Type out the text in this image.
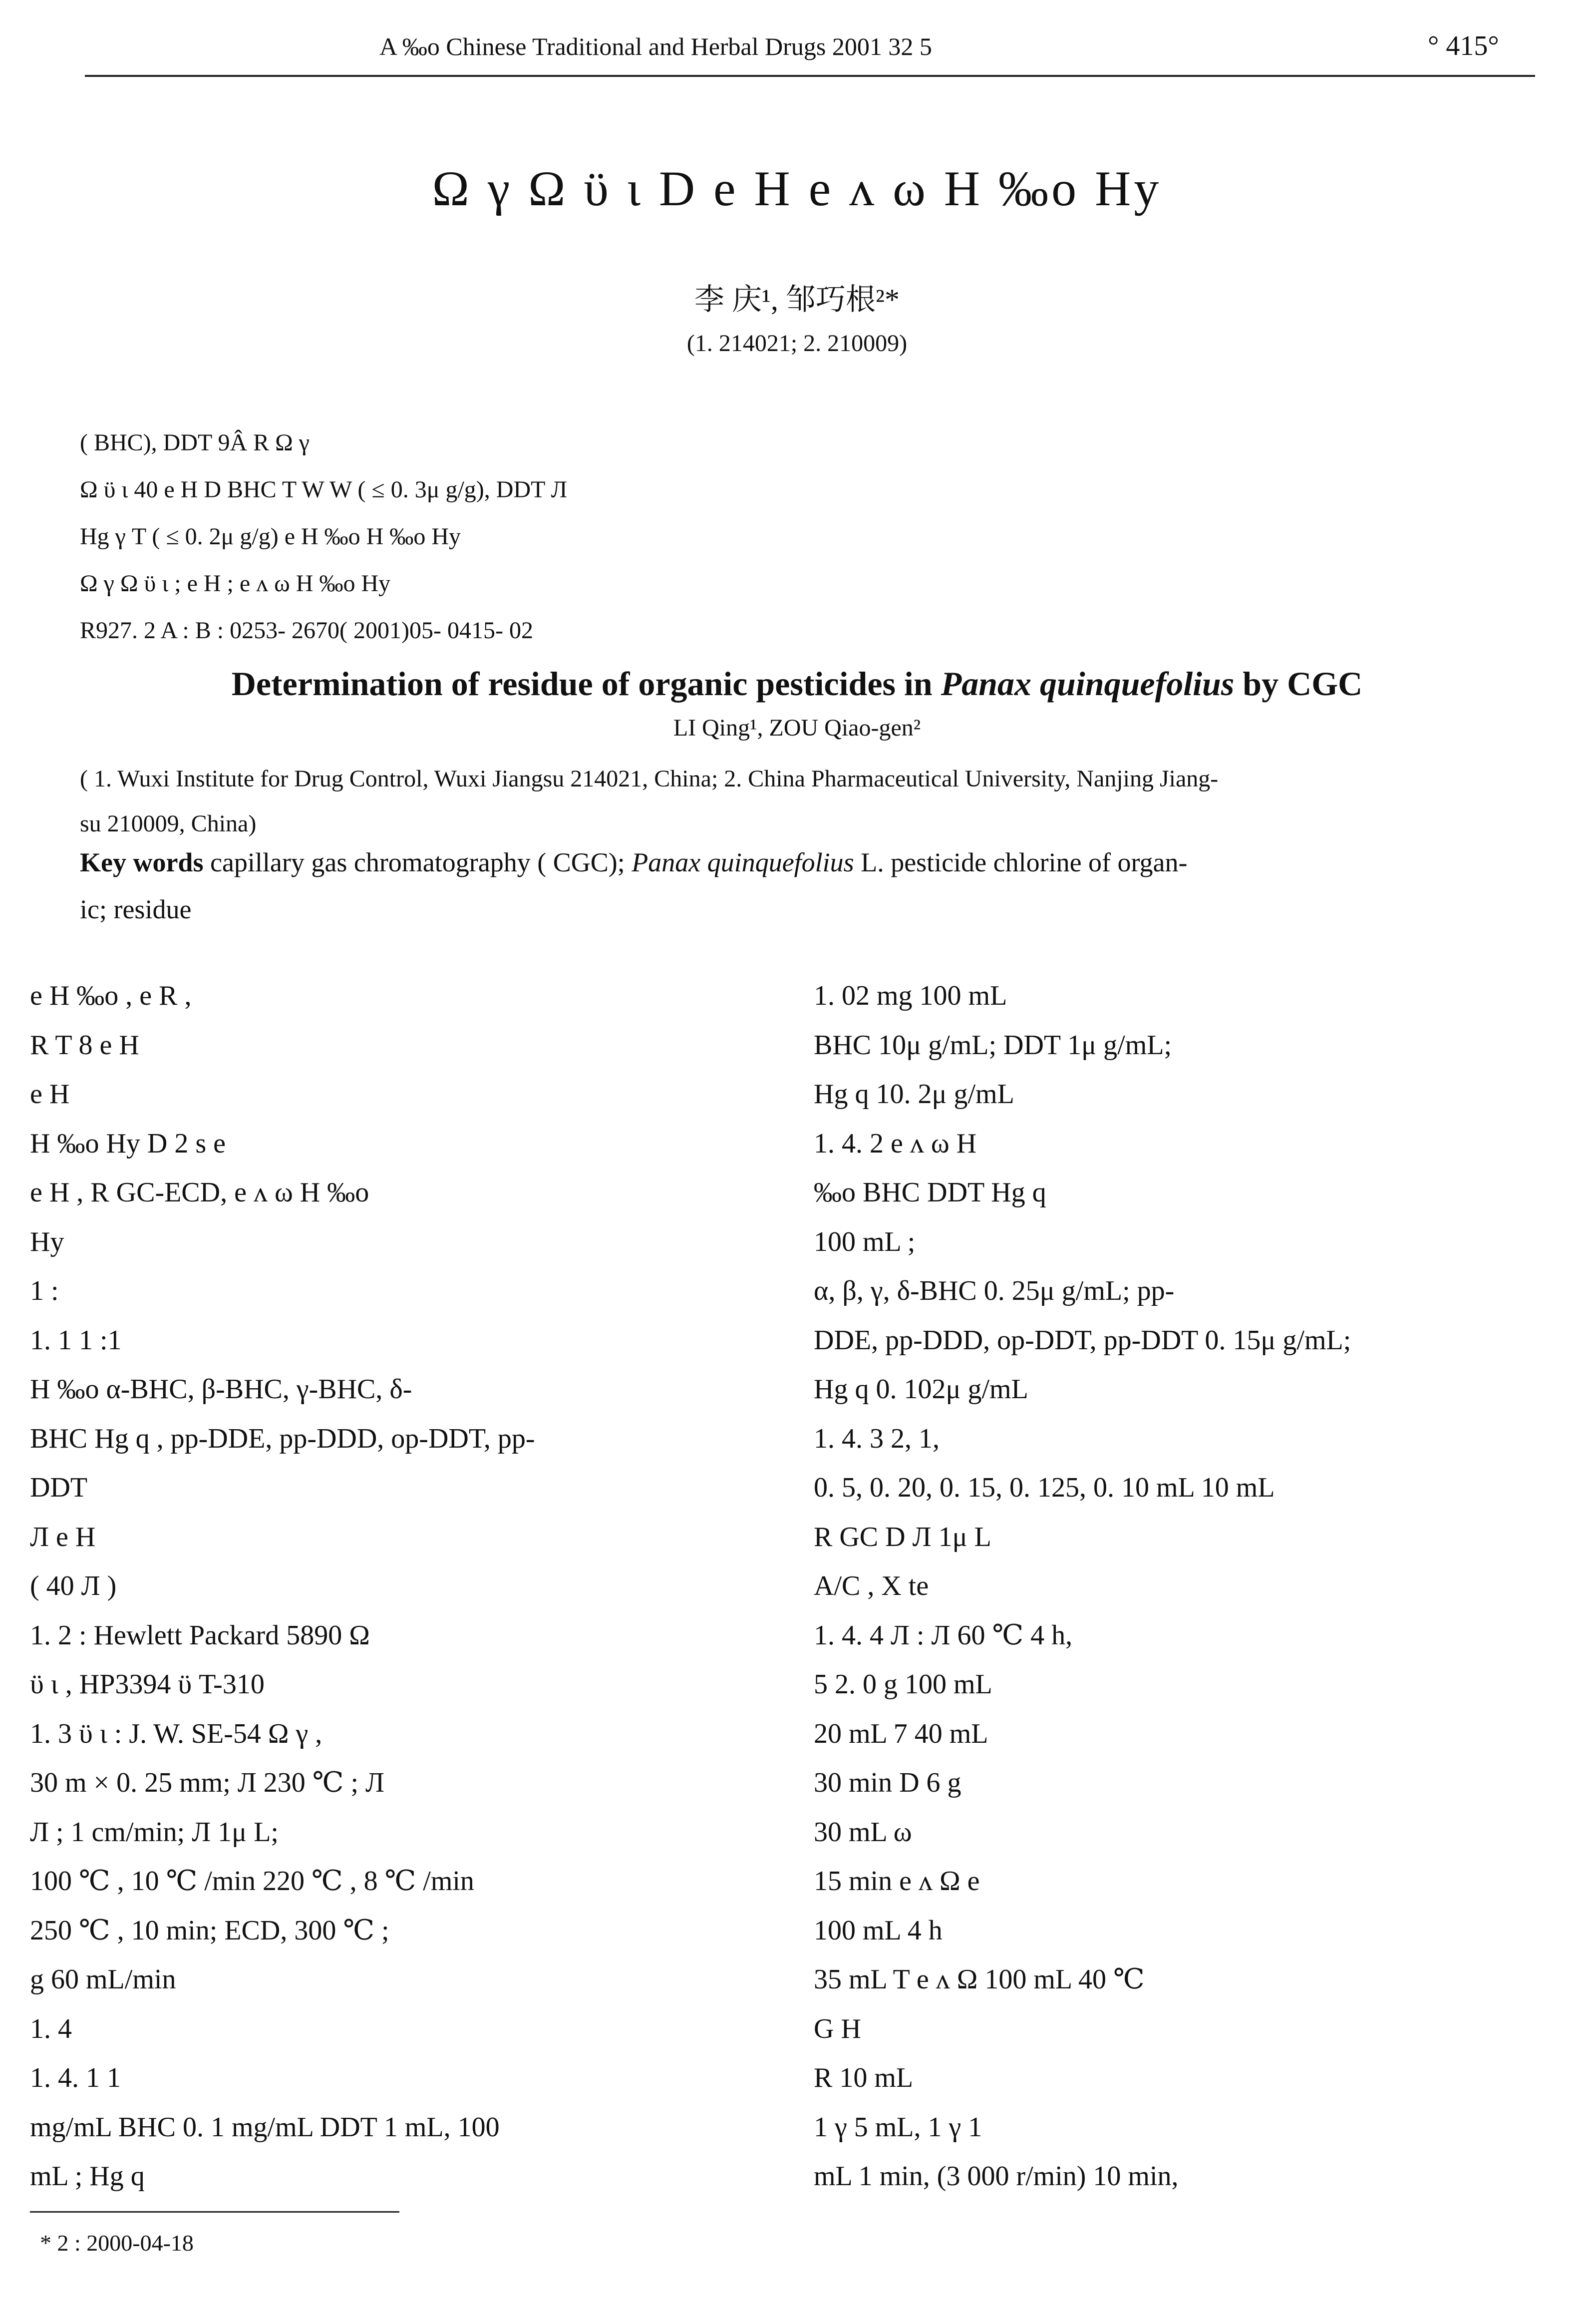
A ‰o Chinese Traditional and Herbal Drugs 2001 32 5	° 415°
Ω γ Ω ϋ ι D e H e ʌ ω H ‰o Hy
李 庆¹, 邹巧根²*
(1. 214021; 2. 210009)
( BHC), DDT 9Â R Ω γ
Ω ϋ ι 40 e H D BHC T W W ( ≤ 0. 3μ g/g), DDT Л
Hg γ T ( ≤ 0. 2μ g/g) e H ‰o H ‰o Hy
Ω γ Ω ϋ ι ; e H ; e ʌ ω H ‰o Hy
R927. 2 A : B : 0253- 2670( 2001)05- 0415- 02
Determination of residue of organic pesticides in Panax quinquefolius by CGC
LI Qing¹, ZOU Qiao-gen²
( 1. Wuxi Institute for Drug Control, Wuxi Jiangsu 214021, China; 2. China Pharmaceutical University, Nanjing Jiang-
su 210009, China)
Key words capillary gas chromatography ( CGC); Panax quinquefolius L. pesticide chlorine of organ-
ic; residue
e H ‰o , e R ,
R T 8 e H
e H
H ‰o Hy D 2 s e
e H , R GC-ECD, e ʌ ω H ‰o
Hy
1 :
1. 1 1 :1
H ‰o α-BHC, β-BHC, γ-BHC, δ-
BHC Hg q , pp-DDE, pp-DDD, op-DDT, pp-
DDT
Л e H
( 40 Л )
1. 2 : Hewlett Packard 5890 Ω
ϋ ι , HP3394 ϋ T-310
1. 3 ϋ ι : J. W. SE-54 Ω γ ,
30 m × 0. 25 mm; Л 230 ℃ ; Л
Л ; 1 cm/min; Л 1μ L;
100 ℃ , 10 ℃ /min 220 ℃ , 8 ℃ /min
250 ℃ , 10 min; ECD, 300 ℃ ;
g 60 mL/min
1. 4
1. 4. 1 1
mg/mL BHC 0. 1 mg/mL DDT 1 mL, 100
mL ; Hg q
1. 02 mg 100 mL
BHC 10μ g/mL; DDT 1μ g/mL;
Hg q 10. 2μ g/mL
1. 4. 2 e ʌ ω H
‰o BHC DDT Hg q
100 mL ;
α, β, γ, δ-BHC 0. 25μ g/mL; pp-
DDE, pp-DDD, op-DDT, pp-DDT 0. 15μ g/mL;
Hg q 0. 102μ g/mL
1. 4. 3 2, 1,
0. 5, 0. 20, 0. 15, 0. 125, 0. 10 mL 10 mL
R GC D Л 1μ L
A/C , X te
1. 4. 4 Л : Л 60 ℃ 4 h,
5 2. 0 g 100 mL
20 mL 7 40 mL
30 min D 6 g
30 mL ω
15 min e ʌ Ω e
100 mL 4 h
35 mL T e ʌ Ω 100 mL 40 ℃
G H
R 10 mL
1 γ 5 mL, 1 γ 1
mL 1 min, (3 000 r/min) 10 min,
* 2 : 2000-04-18
